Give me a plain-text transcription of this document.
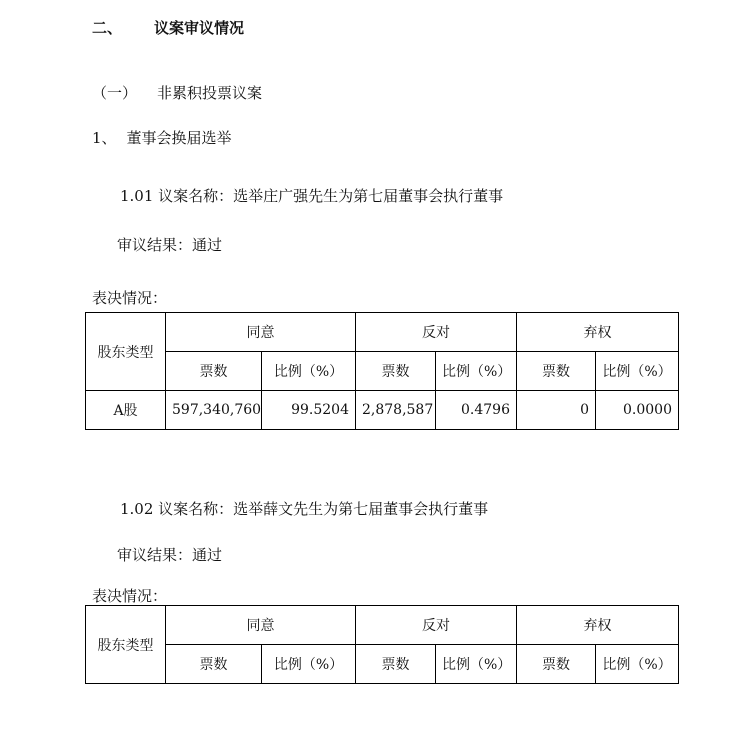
二、 议案审议情况
（一） 非累积投票议案
1、 董事会换届选举
1.01 议案名称：选举庄广强先生为第七届董事会执行董事
审议结果：通过
表决情况：
股东类型	同意		反对		弃权	
	票数	比例（%）	票数	比例（%）	票数	比例（%）
A股	597,340,760	99.5204	2,878,587	0.4796	0	0.0000
1.02 议案名称：选举薛文先生为第七届董事会执行董事
审议结果：通过
表决情况：
股东类型	同意		反对		弃权	
	票数	比例（%）	票数	比例（%）	票数	比例（%）
